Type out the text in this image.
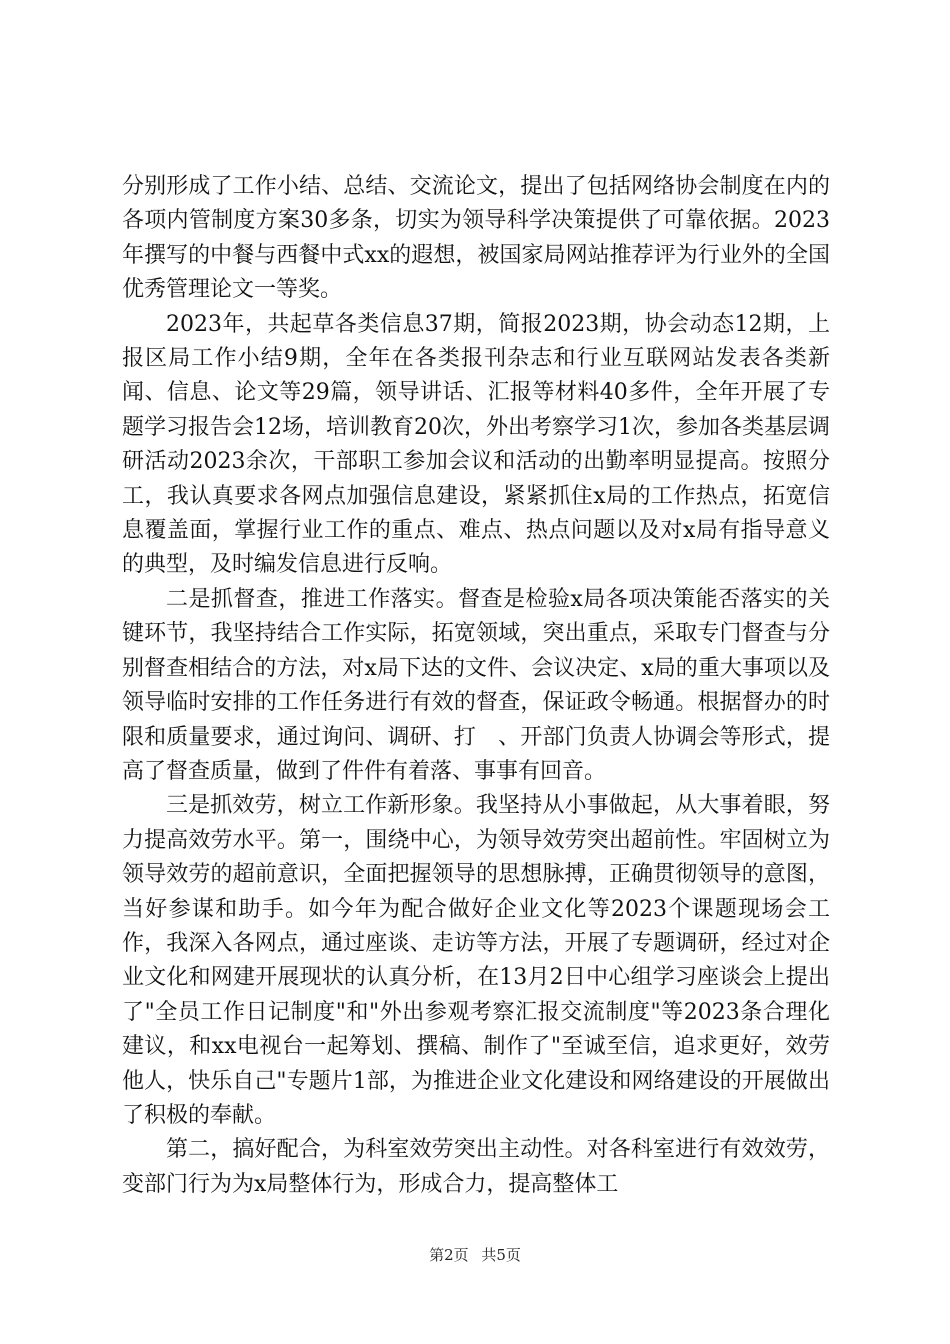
分别形成了工作小结、总结、交流论文，提出了包括网络协会制度在内的各项内管制度方案30多条，切实为领导科学决策提供了可靠依据。2023年撰写的中餐与西餐中式xx的遐想，被国家局网站推荐评为行业外的全国优秀管理论文一等奖。

2023年，共起草各类信息37期，简报2023期，协会动态12期，上报区局工作小结9期，全年在各类报刊杂志和行业互联网站发表各类新闻、信息、论文等29篇，领导讲话、汇报等材料40多件，全年开展了专题学习报告会12场，培训教育20次，外出考察学习1次，参加各类基层调研活动2023余次，干部职工参加会议和活动的出勤率明显提高。按照分工，我认真要求各网点加强信息建设，紧紧抓住x局的工作热点，拓宽信息覆盖面，掌握行业工作的重点、难点、热点问题以及对x局有指导意义的典型，及时编发信息进行反响。

二是抓督查，推进工作落实。督查是检验x局各项决策能否落实的关键环节，我坚持结合工作实际，拓宽领域，突出重点，采取专门督查与分别督查相结合的方法，对x局下达的文件、会议决定、x局的重大事项以及领导临时安排的工作任务进行有效的督查，保证政令畅通。根据督办的时限和质量要求，通过询问、调研、打　、开部门负责人协调会等形式，提高了督查质量，做到了件件有着落、事事有回音。

三是抓效劳，树立工作新形象。我坚持从小事做起，从大事着眼，努力提高效劳水平。第一，围绕中心，为领导效劳突出超前性。牢固树立为领导效劳的超前意识，全面把握领导的思想脉搏，正确贯彻领导的意图，当好参谋和助手。如今年为配合做好企业文化等2023个课题现场会工作，我深入各网点，通过座谈、走访等方法，开展了专题调研，经过对企业文化和网建开展现状的认真分析，在13月2日中心组学习座谈会上提出了"全员工作日记制度"和"外出参观考察汇报交流制度"等2023条合理化建议，和xx电视台一起筹划、撰稿、制作了"至诚至信，追求更好，效劳他人，快乐自己"专题片1部，为推进企业文化建设和网络建设的开展做出了积极的奉献。

第二，搞好配合，为科室效劳突出主动性。对各科室进行有效效劳，变部门行为为x局整体行为，形成合力，提高整体工

第2页 共5页
